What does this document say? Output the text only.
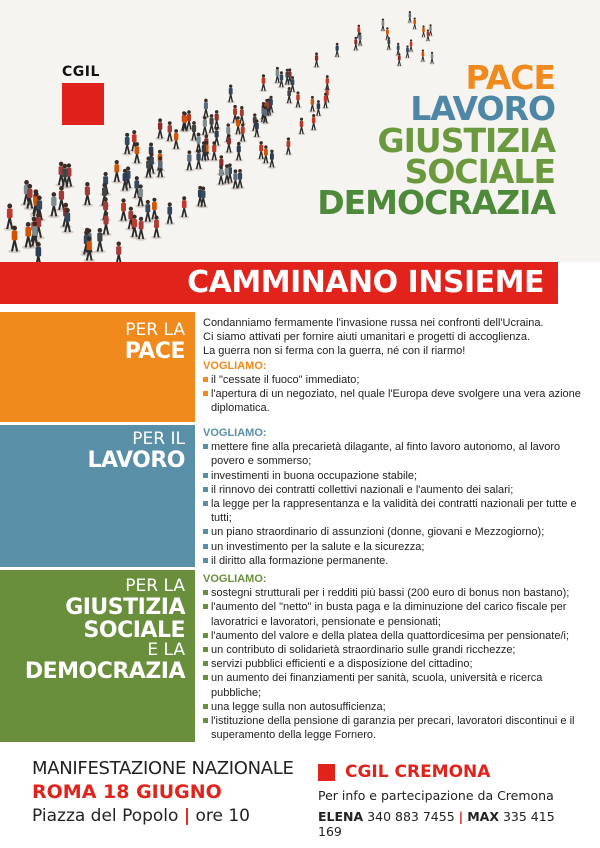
CGIL	PACE
LAVORO
GIUSTIZIA
SOCIALE
DEMOCRAZIA
CAMMINANO INSIEME
PER LA
PACE

Condanniamo fermamente l'invasione russa nei confronti dell'Ucraina.

Ci siamo attivati per fornire aiuti umanitari e progetti di accoglienza.

La guerra non si ferma con la guerra, né con il riarmo!

VOGLIAMO:

il "cessate il fuoco" immediato;

l'apertura di un negoziato, nel quale l'Europa deve svolgere una vera azione diplomatica.

PER IL
LAVORO

VOGLIAMO:

mettere fine alla precarietà dilagante, al finto lavoro autonomo, al lavoro povero e sommerso;

investimenti in buona occupazione stabile;

il rinnovo dei contratti collettivi nazionali e l'aumento dei salari;

la legge per la rappresentanza e la validità dei contratti nazionali per tutte e tutti;

un piano straordinario di assunzioni (donne, giovani e Mezzogiorno);

un investimento per la salute e la sicurezza;

il diritto alla formazione permanente.

PER LA
GIUSTIZIA
SOCIALE
E LA
DEMOCRAZIA

VOGLIAMO:

sostegni strutturali per i redditi più bassi (200 euro di bonus non bastano);

l'aumento del "netto" in busta paga e la diminuzione del carico fiscale per lavoratrici e lavoratori, pensionate e pensionati;

l'aumento del valore e della platea della quattordicesima per pensionate/i;

un contributo di solidarietà straordinario sulle grandi ricchezze;

servizi pubblici efficienti e a disposizione del cittadino;

un aumento dei finanziamenti per sanità, scuola, università e ricerca pubbliche;

una legge sulla non autosufficienza;

l'istituzione della pensione di garanzia per precari, lavoratori discontinui e il superamento della legge Fornero.

MANIFESTAZIONE NAZIONALE
ROMA 18 GIUGNO
Piazza del Popolo | ore 10
CGIL CREMONA
Per info e partecipazione da Cremona
ELENA 340 883 7455 | MAX 335 415 169
